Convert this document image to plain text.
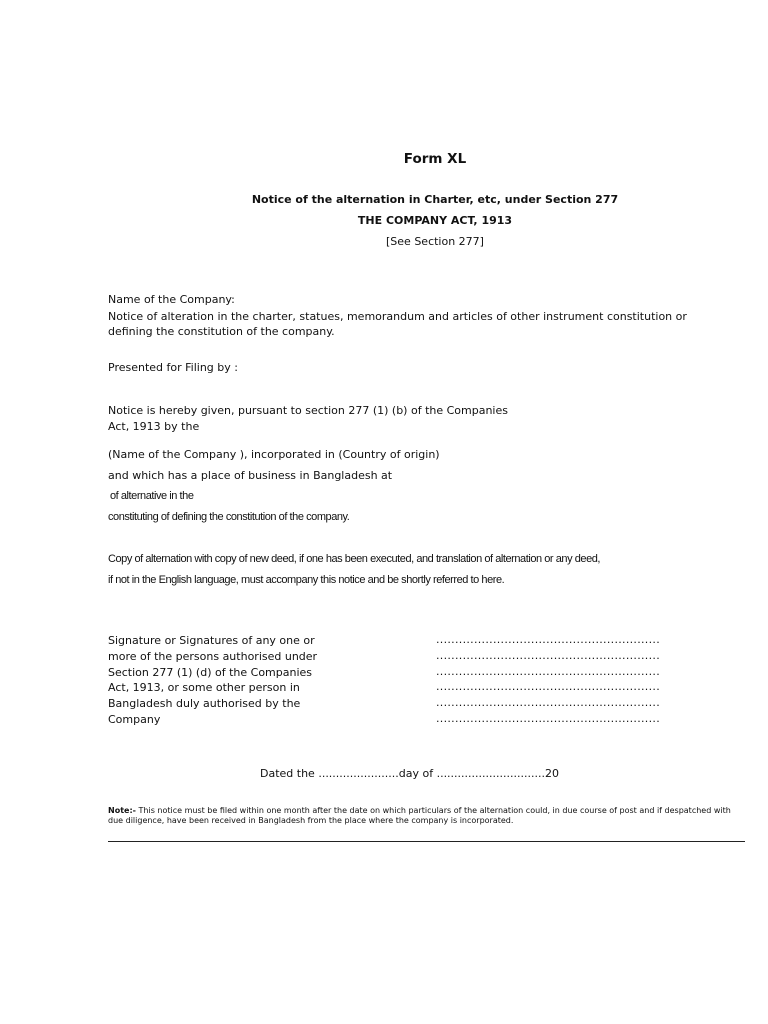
Form XL
Notice of the alternation in Charter, etc, under Section 277
THE COMPANY ACT, 1913
[See Section 277]
Name of the Company:
Notice of alteration in the charter, statues, memorandum and articles of other instrument constitution or
defining the constitution of the company.
Presented for Filing by :
Notice is hereby given, pursuant to section 277 (1) (b) of the Companies
Act, 1913 by the
(Name of the Company ), incorporated in (Country of origin)
and which has a place of business in Bangladesh at
of alternative in the
constituting of defining the constitution of the company.
Copy of alternation with copy of new deed, if one has been executed, and translation of alternation or any deed,
if not in the English language, must accompany this notice and be shortly referred to here.
Signature or Signatures of any one or
more of the persons authorised under
Section 277 (1) (d) of the Companies
Act, 1913, or some other person in
Bangladesh duly authorised by the
Company
...........................................................
...........................................................
...........................................................
...........................................................
...........................................................
...........................................................
Dated the .......................day of ...............................20
Note:- This notice must be filed within one month after the date on which particulars of the alternation could, in due course of post and if despatched with due diligence, have been received in Bangladesh from the place where the company is incorporated.
